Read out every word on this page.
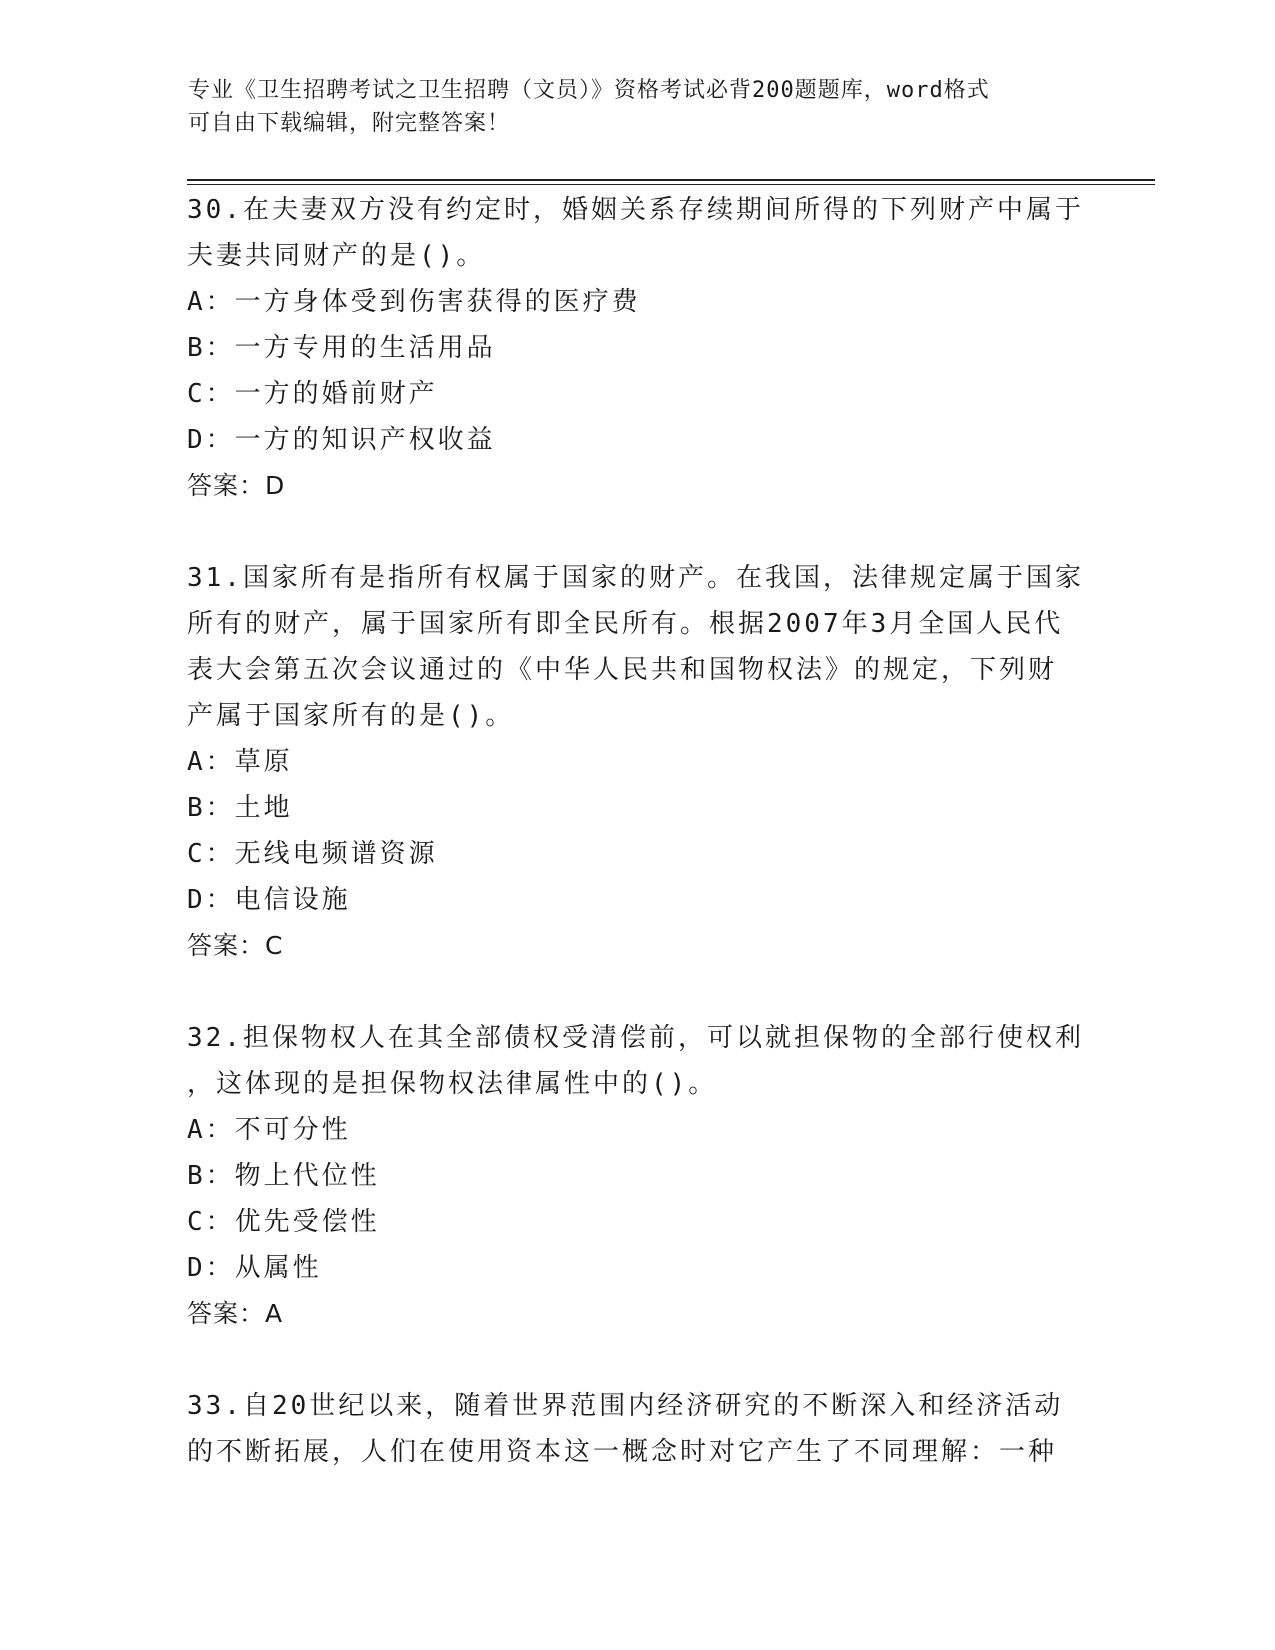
专业《卫生招聘考试之卫生招聘（文员）》资格考试必背200题题库，word格式
可自由下载编辑，附完整答案！

30.在夫妻双方没有约定时，婚姻关系存续期间所得的下列财产中属于

夫妻共同财产的是()。

A：一方身体受到伤害获得的医疗费

B：一方专用的生活用品

C：一方的婚前财产

D：一方的知识产权收益

答案：D

31.国家所有是指所有权属于国家的财产。在我国，法律规定属于国家

所有的财产，属于国家所有即全民所有。根据2007年3月全国人民代

表大会第五次会议通过的《中华人民共和国物权法》的规定，下列财

产属于国家所有的是()。

A：草原

B：土地

C：无线电频谱资源

D：电信设施

答案：C

32.担保物权人在其全部债权受清偿前，可以就担保物的全部行使权利

，这体现的是担保物权法律属性中的()。

A：不可分性

B：物上代位性

C：优先受偿性

D：从属性

答案：A

33.自20世纪以来，随着世界范围内经济研究的不断深入和经济活动

的不断拓展，人们在使用资本这一概念时对它产生了不同理解：一种
